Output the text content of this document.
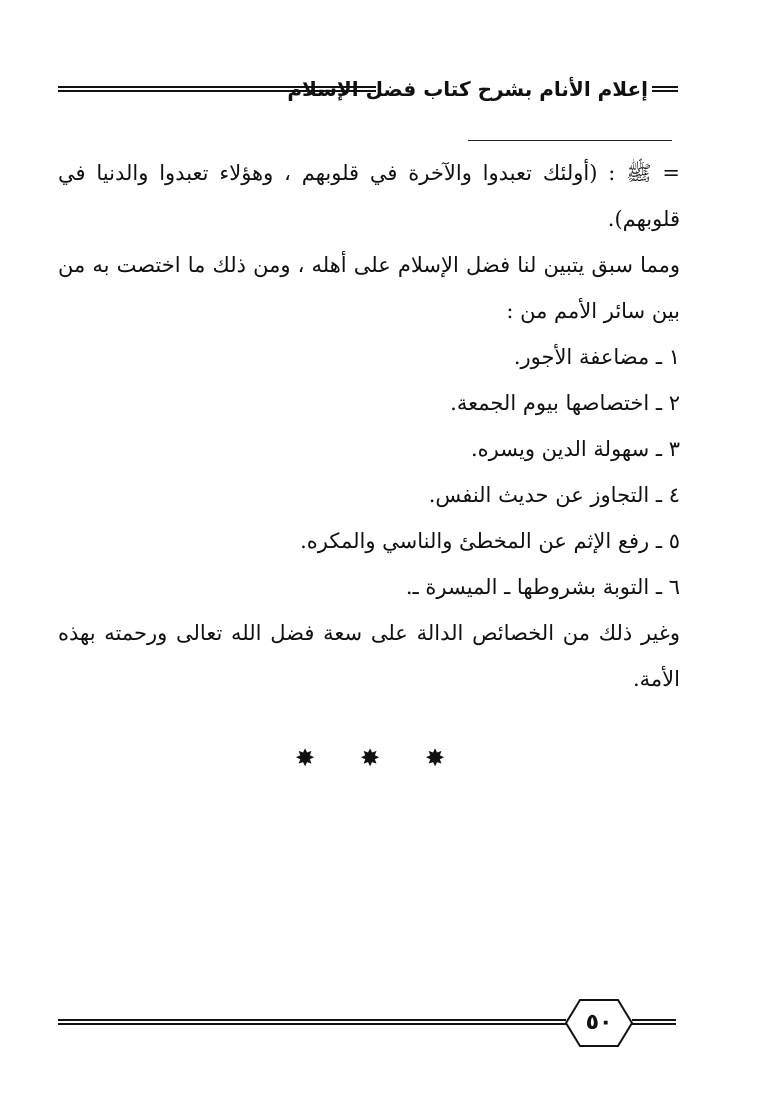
إعلام الأنام بشرح كتاب فضل الإسلام

= ﷺ : (أولئك تعبدوا والآخرة في قلوبهم ، وهؤلاء تعبدوا والدنيا في قلوبهم).

ومما سبق يتبين لنا فضل الإسلام على أهله ، ومن ذلك ما اختصت به من بين سائر الأمم من :

١ ـ مضاعفة الأجور.

٢ ـ اختصاصها بيوم الجمعة.

٣ ـ سهولة الدين ويسره.

٤ ـ التجاوز عن حديث النفس.

٥ ـ رفع الإثم عن المخطئ والناسي والمكره.

٦ ـ التوبة بشروطها ـ الميسرة ـ.

وغير ذلك من الخصائص الدالة على سعة فضل الله تعالى ورحمته بهذه الأمة.

✸ ✸ ✸
٥٠
